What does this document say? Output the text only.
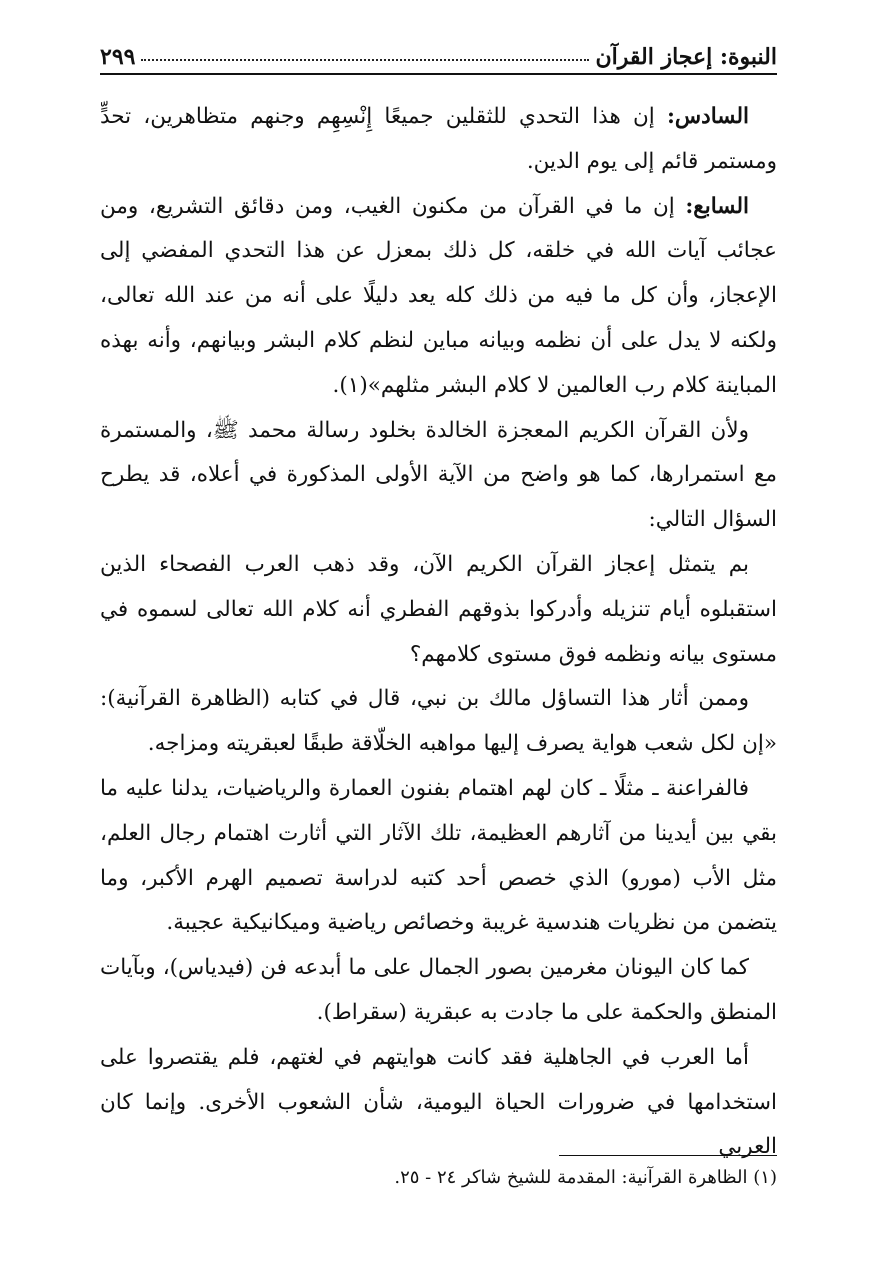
النبوة: إعجاز القرآن
٢٩٩

السادس: إن هذا التحدي للثقلين جميعًا إِنْسِهِم وجنهم متظاهرين، تحدٍّ ومستمر قائم إلى يوم الدين.

السابع: إن ما في القرآن من مكنون الغيب، ومن دقائق التشريع، ومن عجائب آيات الله في خلقه، كل ذلك بمعزل عن هذا التحدي المفضي إلى الإعجاز، وأن كل ما فيه من ذلك كله يعد دليلًا على أنه من عند الله تعالى، ولكنه لا يدل على أن نظمه وبيانه مباين لنظم كلام البشر وبيانهم، وأنه بهذه المباينة كلام رب العالمين لا كلام البشر مثلهم»(١).

ولأن القرآن الكريم المعجزة الخالدة بخلود رسالة محمد ﷺ، والمستمرة مع استمرارها، كما هو واضح من الآية الأولى المذكورة في أعلاه، قد يطرح السؤال التالي:

بم يتمثل إعجاز القرآن الكريم الآن، وقد ذهب العرب الفصحاء الذين استقبلوه أيام تنزيله وأدركوا بذوقهم الفطري أنه كلام الله تعالى لسموه في مستوى بيانه ونظمه فوق مستوى كلامهم؟

وممن أثار هذا التساؤل مالك بن نبي، قال في كتابه (الظاهرة القرآنية): «إن لكل شعب هواية يصرف إليها مواهبه الخلّاقة طبقًا لعبقريته ومزاجه.

فالفراعنة ـ مثلًا ـ كان لهم اهتمام بفنون العمارة والرياضيات، يدلنا عليه ما بقي بين أيدينا من آثارهم العظيمة، تلك الآثار التي أثارت اهتمام رجال العلم، مثل الأب (مورو) الذي خصص أحد كتبه لدراسة تصميم الهرم الأكبر، وما يتضمن من نظريات هندسية غريبة وخصائص رياضية وميكانيكية عجيبة.

كما كان اليونان مغرمين بصور الجمال على ما أبدعه فن (فيدياس)، وبآيات المنطق والحكمة على ما جادت به عبقرية (سقراط).

أما العرب في الجاهلية فقد كانت هوايتهم في لغتهم، فلم يقتصروا على استخدامها في ضرورات الحياة اليومية، شأن الشعوب الأخرى. وإنما كان العربي

(١) الظاهرة القرآنية: المقدمة للشيخ شاكر ٢٤ - ٢٥.
